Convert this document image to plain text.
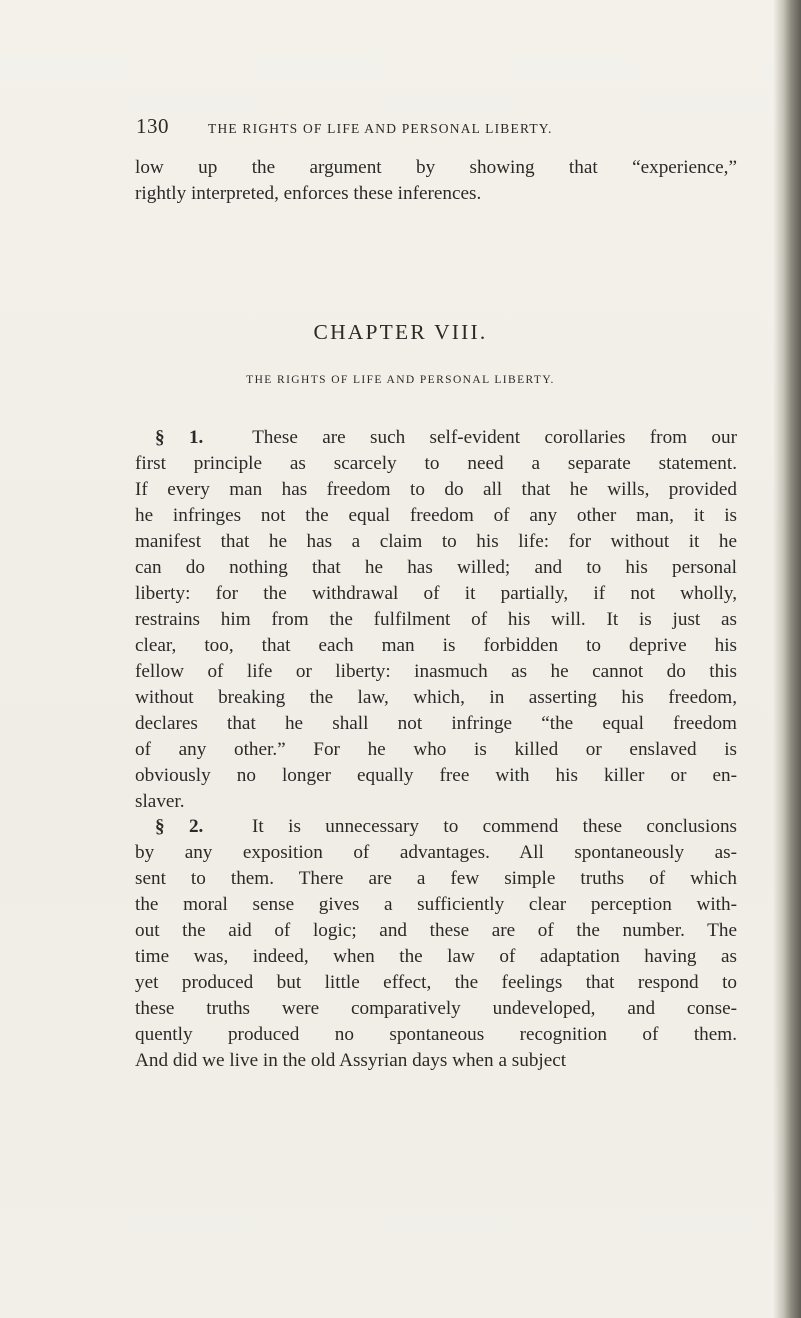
130	THE RIGHTS OF LIFE AND PERSONAL LIBERTY.
low up the argument by showing that “experience,”
rightly interpreted, enforces these inferences.
CHAPTER VIII.
THE RIGHTS OF LIFE AND PERSONAL LIBERTY.
§ 1.	These are such self-evident corollaries from our
first principle as scarcely to need a separate statement.
If every man has freedom to do all that he wills, provided
he infringes not the equal freedom of any other man, it is
manifest that he has a claim to his life: for without it he
can do nothing that he has willed; and to his personal
liberty: for the withdrawal of it partially, if not wholly,
restrains him from the fulfilment of his will. It is just as
clear, too, that each man is forbidden to deprive his
fellow of life or liberty: inasmuch as he cannot do this
without breaking the law, which, in asserting his freedom,
declares that he shall not infringe “the equal freedom
of any other.” For he who is killed or enslaved is
obviously no longer equally free with his killer or en-
slaver.
§ 2.	It is unnecessary to commend these conclusions
by any exposition of advantages. All spontaneously as-
sent to them. There are a few simple truths of which
the moral sense gives a sufficiently clear perception with-
out the aid of logic; and these are of the number. The
time was, indeed, when the law of adaptation having as
yet produced but little effect, the feelings that respond to
these truths were comparatively undeveloped, and conse-
quently produced no spontaneous recognition of them.
And did we live in the old Assyrian days when a subject
